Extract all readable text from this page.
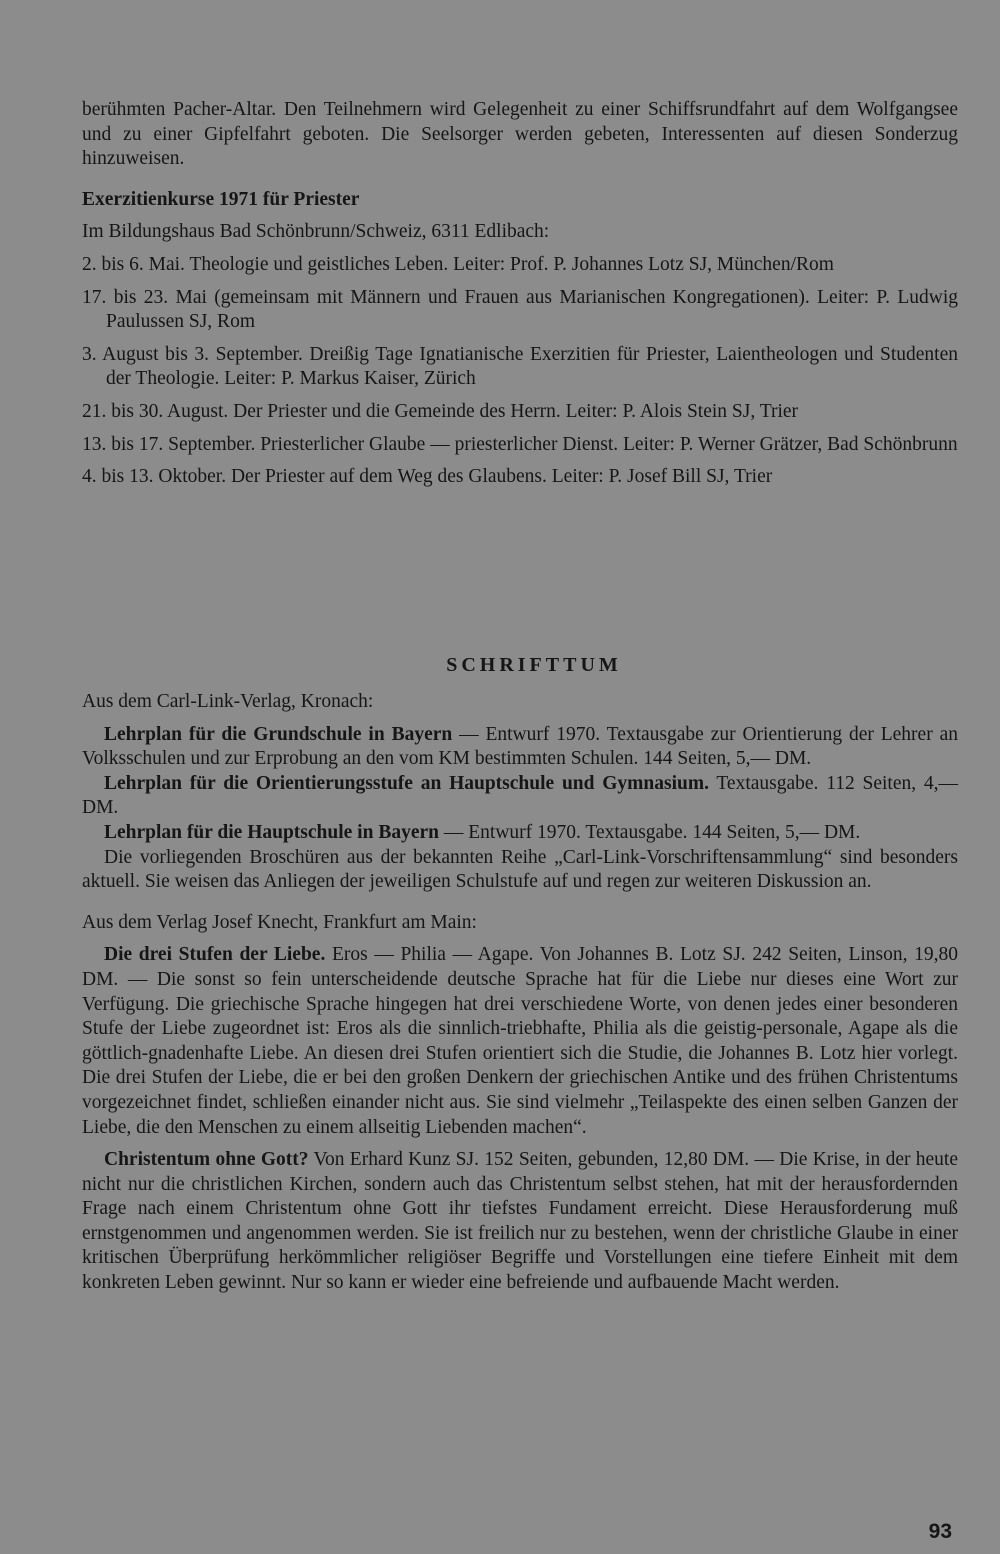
berühmten Pacher-Altar. Den Teilnehmern wird Gelegenheit zu einer Schiffsrundfahrt auf dem Wolfgangsee und zu einer Gipfelfahrt geboten. Die Seelsorger werden gebeten, Interessenten auf diesen Sonderzug hinzuweisen.

Exerzitienkurse 1971 für Priester

Im Bildungshaus Bad Schönbrunn/Schweiz, 6311 Edlibach:

2. bis 6. Mai. Theologie und geistliches Leben. Leiter: Prof. P. Johannes Lotz SJ, München/Rom

17. bis 23. Mai (gemeinsam mit Männern und Frauen aus Marianischen Kongregationen). Leiter: P. Ludwig Paulussen SJ, Rom

3. August bis 3. September. Dreißig Tage Ignatianische Exerzitien für Priester, Laientheologen und Studenten der Theologie. Leiter: P. Markus Kaiser, Zürich

21. bis 30. August. Der Priester und die Gemeinde des Herrn. Leiter: P. Alois Stein SJ, Trier

13. bis 17. September. Priesterlicher Glaube — priesterlicher Dienst. Leiter: P. Werner Grätzer, Bad Schönbrunn

4. bis 13. Oktober. Der Priester auf dem Weg des Glaubens. Leiter: P. Josef Bill SJ, Trier

SCHRIFTTUM

Aus dem Carl-Link-Verlag, Kronach:

Lehrplan für die Grundschule in Bayern — Entwurf 1970. Textausgabe zur Orientierung der Lehrer an Volksschulen und zur Erprobung an den vom KM bestimmten Schulen. 144 Seiten, 5,— DM.

Lehrplan für die Orientierungsstufe an Hauptschule und Gymnasium. Textausgabe. 112 Seiten, 4,— DM.

Lehrplan für die Hauptschule in Bayern — Entwurf 1970. Textausgabe. 144 Seiten, 5,— DM.

Die vorliegenden Broschüren aus der bekannten Reihe „Carl-Link-Vorschriftensammlung“ sind besonders aktuell. Sie weisen das Anliegen der jeweiligen Schulstufe auf und regen zur weiteren Diskussion an.

Aus dem Verlag Josef Knecht, Frankfurt am Main:

Die drei Stufen der Liebe. Eros — Philia — Agape. Von Johannes B. Lotz SJ. 242 Seiten, Linson, 19,80 DM. — Die sonst so fein unterscheidende deutsche Sprache hat für die Liebe nur dieses eine Wort zur Verfügung. Die griechische Sprache hingegen hat drei verschiedene Worte, von denen jedes einer besonderen Stufe der Liebe zugeordnet ist: Eros als die sinnlich-triebhafte, Philia als die geistig-personale, Agape als die göttlich-gnadenhafte Liebe. An diesen drei Stufen orientiert sich die Studie, die Johannes B. Lotz hier vorlegt. Die drei Stufen der Liebe, die er bei den großen Denkern der griechischen Antike und des frühen Christentums vorgezeichnet findet, schließen einander nicht aus. Sie sind vielmehr „Teilaspekte des einen selben Ganzen der Liebe, die den Menschen zu einem allseitig Liebenden machen“.

Christentum ohne Gott? Von Erhard Kunz SJ. 152 Seiten, gebunden, 12,80 DM. — Die Krise, in der heute nicht nur die christlichen Kirchen, sondern auch das Christentum selbst stehen, hat mit der herausfordernden Frage nach einem Christentum ohne Gott ihr tiefstes Fundament erreicht. Diese Herausforderung muß ernstgenommen und angenommen werden. Sie ist freilich nur zu bestehen, wenn der christliche Glaube in einer kritischen Überprüfung herkömmlicher religiöser Begriffe und Vorstellungen eine tiefere Einheit mit dem konkreten Leben gewinnt. Nur so kann er wieder eine befreiende und aufbauende Macht werden.

93
